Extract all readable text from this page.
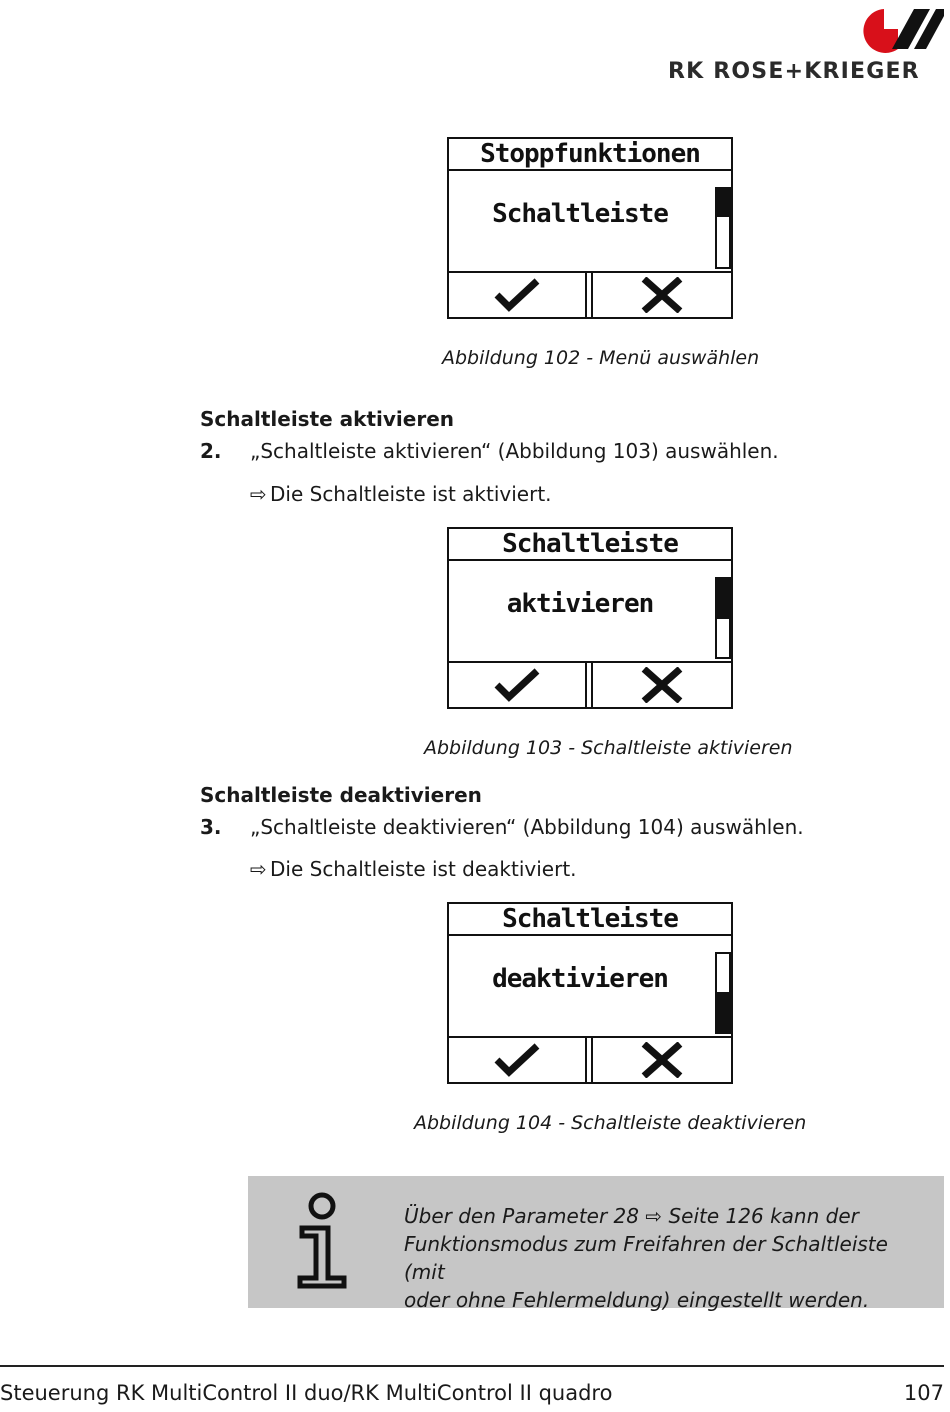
RK ROSE+KRIEGER
Stoppfunktionen
Schaltleiste
Abbildung 102 - Menü auswählen
Schaltleiste aktivieren
2. „Schaltleiste aktivieren“ (Abbildung 103) auswählen.
⇨ Die Schaltleiste ist aktiviert.
Schaltleiste
aktivieren
Abbildung 103 - Schaltleiste aktivieren
Schaltleiste deaktivieren
3. „Schaltleiste deaktivieren“ (Abbildung 104) auswählen.
⇨ Die Schaltleiste ist deaktiviert.
Schaltleiste
deaktivieren
Abbildung 104 - Schaltleiste deaktivieren
Über den Parameter 28 ⇨ Seite 126 kann der
Funktionsmodus zum Freifahren der Schaltleiste (mit
oder ohne Fehlermeldung) eingestellt werden.
Steuerung RK MultiControl II duo/RK MultiControl II quadro	107
